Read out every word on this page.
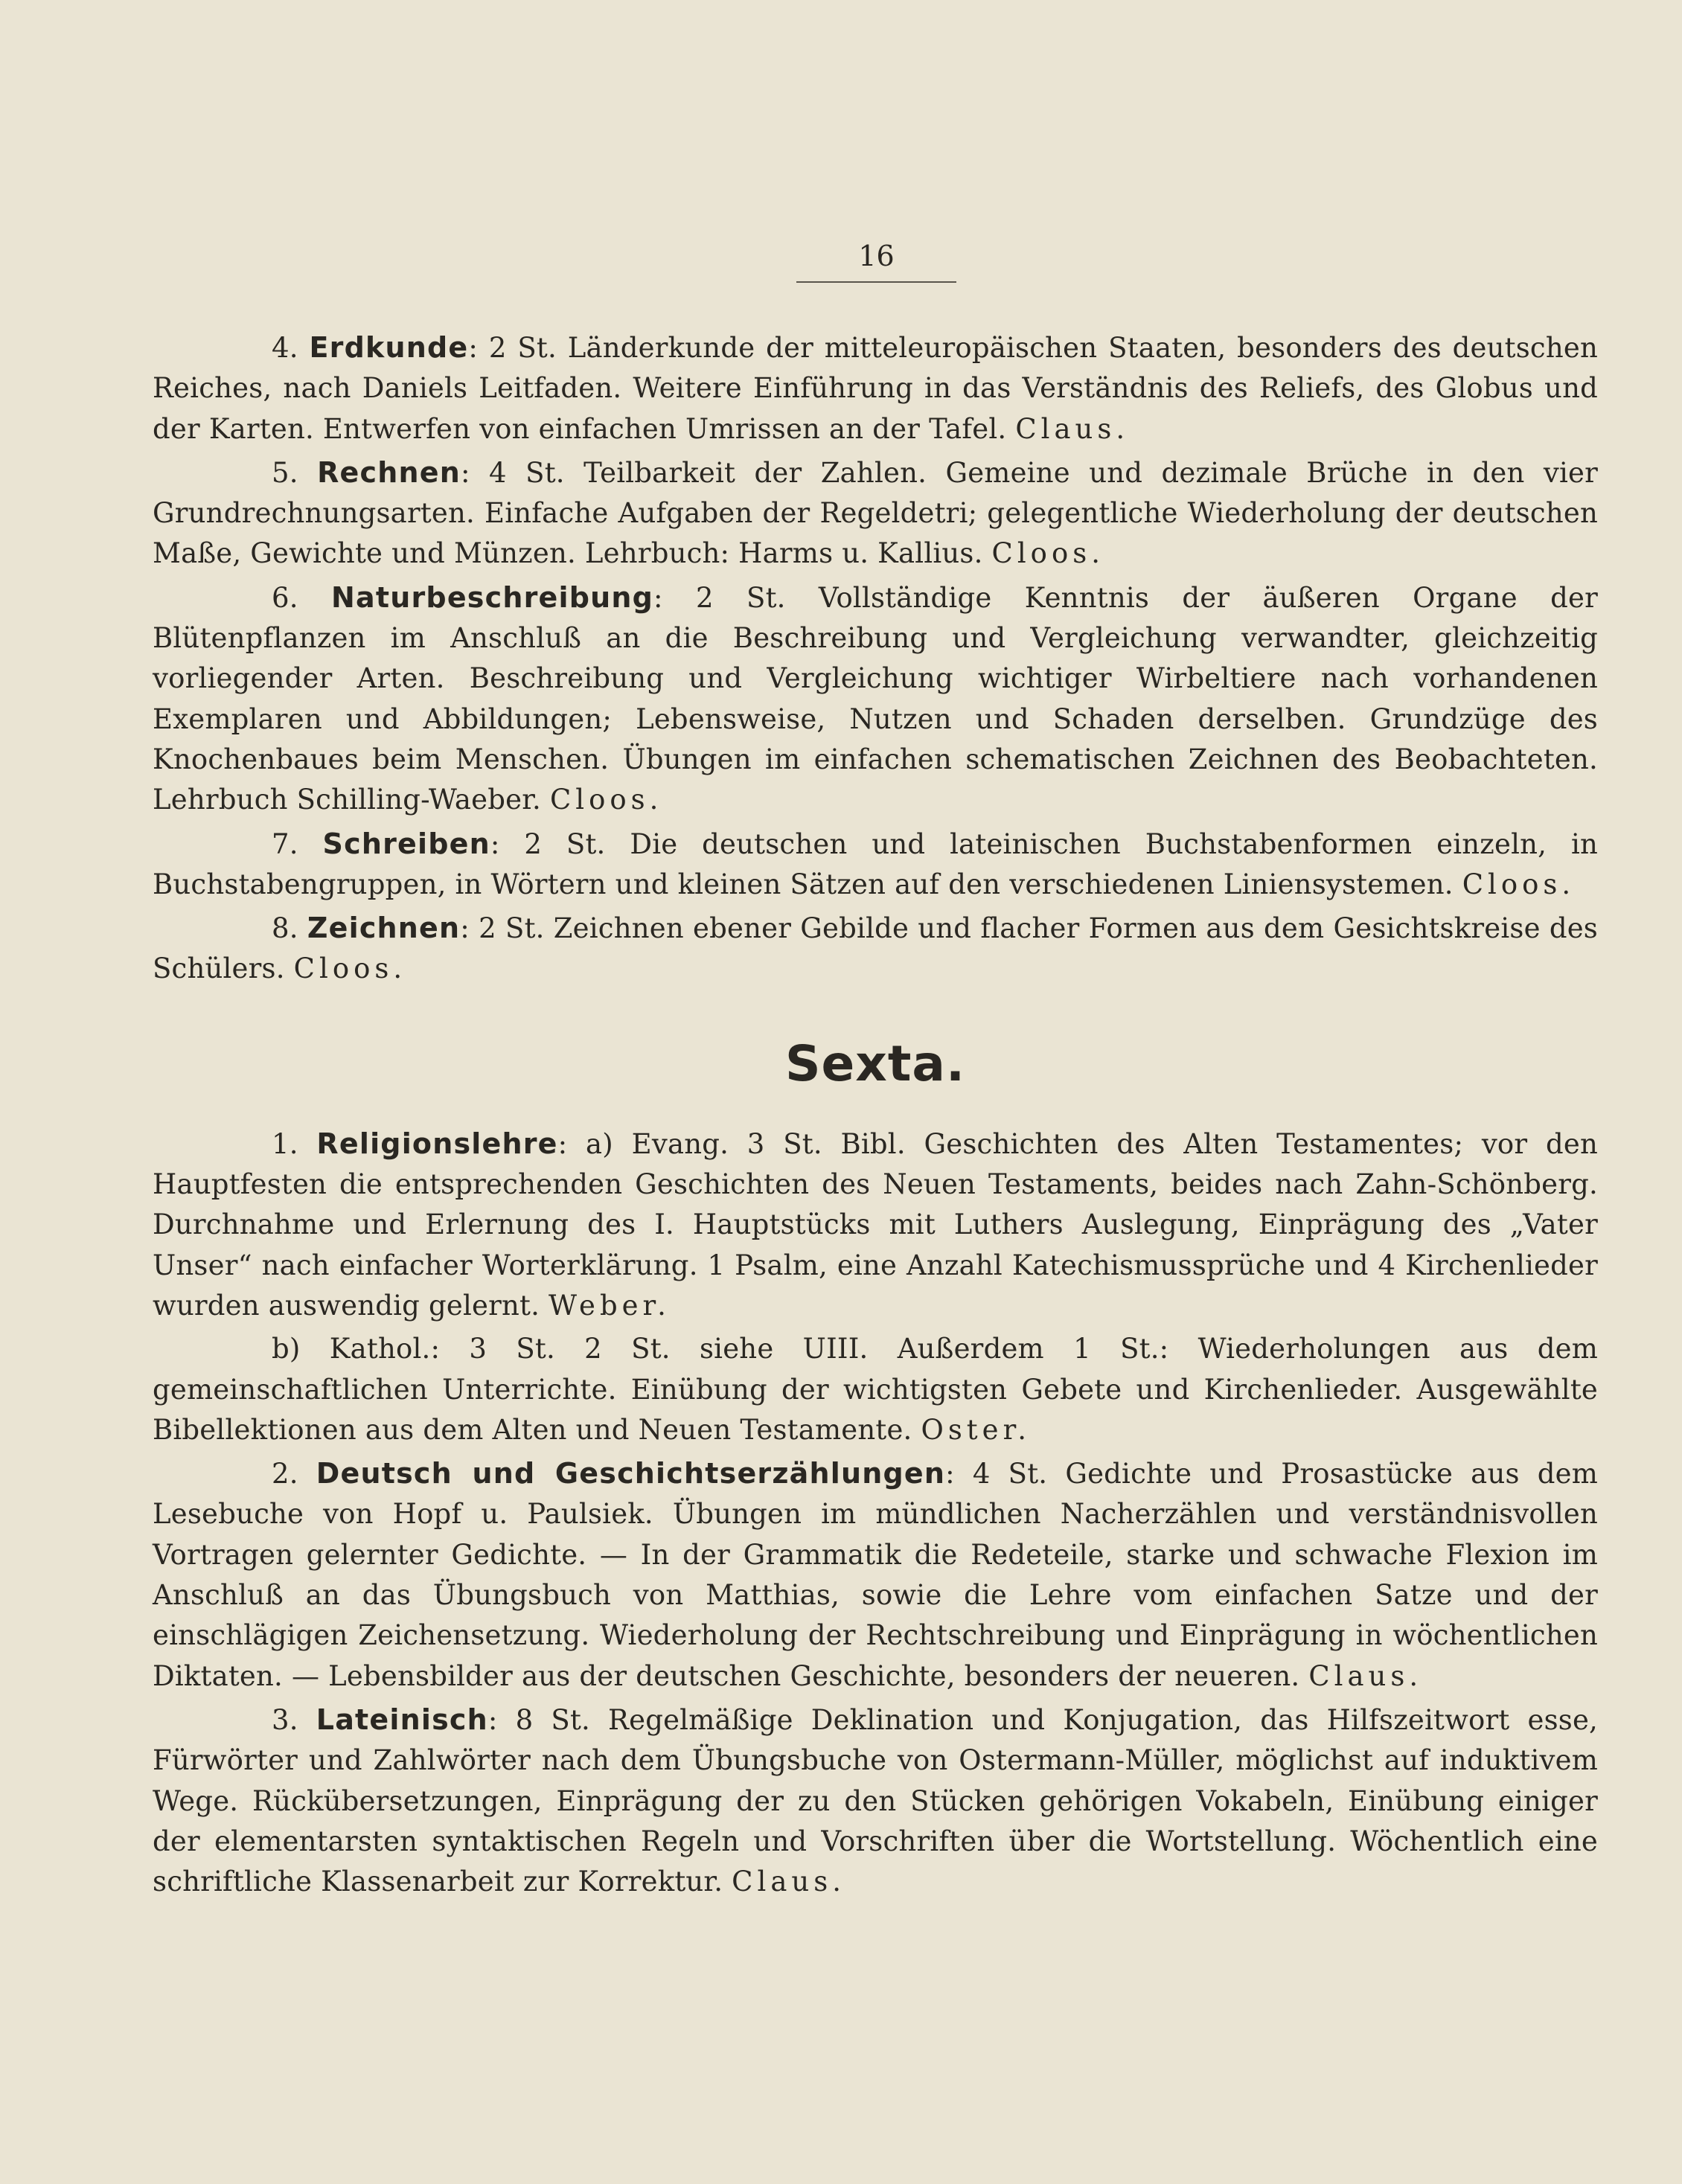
16

4. Erdkunde: 2 St. Länderkunde der mitteleuropäischen Staaten, besonders des deutschen Reiches, nach Daniels Leitfaden. Weitere Einführung in das Verständnis des Reliefs, des Globus und der Karten. Entwerfen von einfachen Umrissen an der Tafel. Claus.

5. Rechnen: 4 St. Teilbarkeit der Zahlen. Gemeine und dezimale Brüche in den vier Grundrechnungsarten. Einfache Aufgaben der Regeldetri; gelegentliche Wiederholung der deutschen Maße, Gewichte und Münzen. Lehrbuch: Harms u. Kallius. Cloos.

6. Naturbeschreibung: 2 St. Vollständige Kenntnis der äußeren Organe der Blütenpflanzen im Anschluß an die Beschreibung und Vergleichung verwandter, gleichzeitig vorliegender Arten. Beschreibung und Vergleichung wichtiger Wirbeltiere nach vorhandenen Exemplaren und Abbildungen; Lebensweise, Nutzen und Schaden derselben. Grundzüge des Knochenbaues beim Menschen. Übungen im einfachen schematischen Zeichnen des Beobachteten. Lehrbuch Schilling-Waeber. Cloos.

7. Schreiben: 2 St. Die deutschen und lateinischen Buchstabenformen einzeln, in Buchstabengruppen, in Wörtern und kleinen Sätzen auf den verschiedenen Liniensystemen. Cloos.

8. Zeichnen: 2 St. Zeichnen ebener Gebilde und flacher Formen aus dem Gesichtskreise des Schülers. Cloos.

Sexta.

1. Religionslehre: a) Evang. 3 St. Bibl. Geschichten des Alten Testamentes; vor den Hauptfesten die entsprechenden Geschichten des Neuen Testaments, beides nach Zahn-Schönberg. Durchnahme und Erlernung des I. Hauptstücks mit Luthers Auslegung, Einprägung des „Vater Unser“ nach einfacher Worterklärung. 1 Psalm, eine Anzahl Katechismussprüche und 4 Kirchenlieder wurden auswendig gelernt. Weber.

b) Kathol.: 3 St. 2 St. siehe UIII. Außerdem 1 St.: Wiederholungen aus dem gemeinschaftlichen Unterrichte. Einübung der wichtigsten Gebete und Kirchenlieder. Ausgewählte Bibellektionen aus dem Alten und Neuen Testamente. Oster.

2. Deutsch und Geschichtserzählungen: 4 St. Gedichte und Prosastücke aus dem Lesebuche von Hopf u. Paulsiek. Übungen im mündlichen Nacherzählen und verständnisvollen Vortragen gelernter Gedichte. — In der Grammatik die Redeteile, starke und schwache Flexion im Anschluß an das Übungsbuch von Matthias, sowie die Lehre vom einfachen Satze und der einschlägigen Zeichensetzung. Wiederholung der Rechtschreibung und Einprägung in wöchentlichen Diktaten. — Lebensbilder aus der deutschen Geschichte, besonders der neueren. Claus.

3. Lateinisch: 8 St. Regelmäßige Deklination und Konjugation, das Hilfszeitwort esse, Fürwörter und Zahlwörter nach dem Übungsbuche von Ostermann-Müller, möglichst auf induktivem Wege. Rückübersetzungen, Einprägung der zu den Stücken gehörigen Vokabeln, Einübung einiger der elementarsten syntaktischen Regeln und Vorschriften über die Wortstellung. Wöchentlich eine schriftliche Klassenarbeit zur Korrektur. Claus.
